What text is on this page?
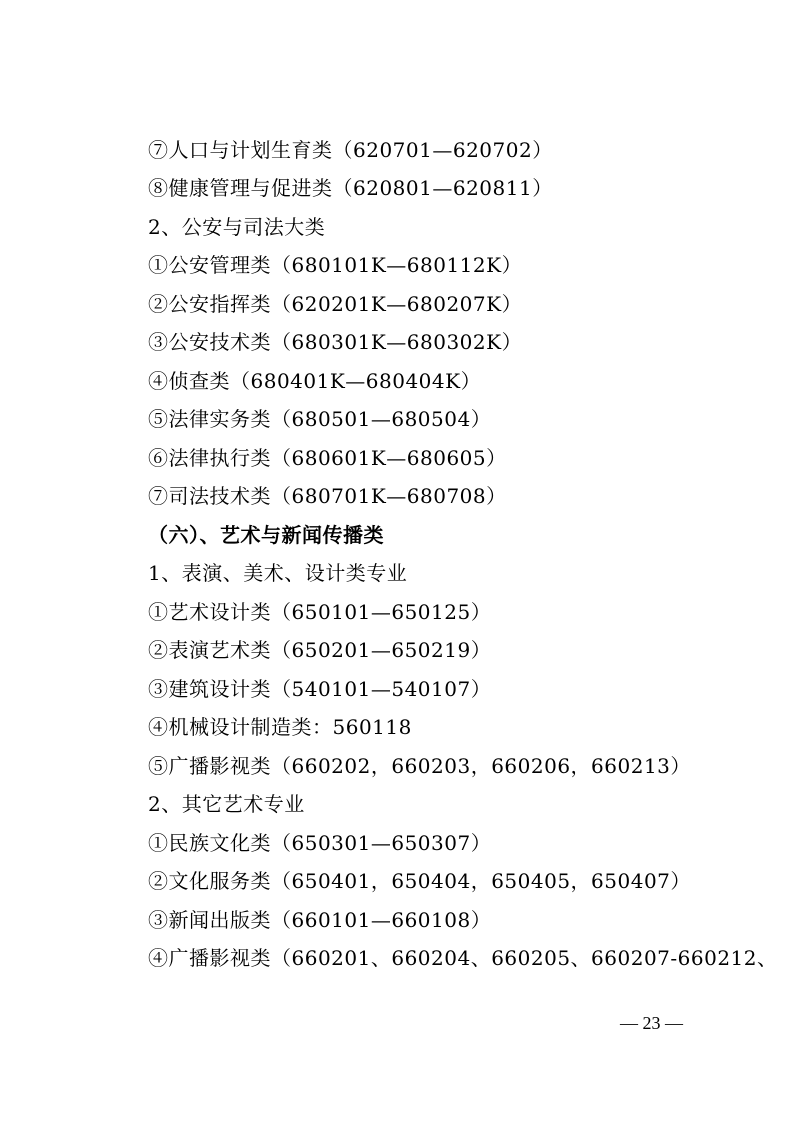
⑦人口与计划生育类（620701—620702）
⑧健康管理与促进类（620801—620811）
2、公安与司法大类
①公安管理类（680101K—680112K）
②公安指挥类（620201K—680207K）
③公安技术类（680301K—680302K）
④侦查类（680401K—680404K）
⑤法律实务类（680501—680504）
⑥法律执行类（680601K—680605）
⑦司法技术类（680701K—680708）
（六）、艺术与新闻传播类
1、表演、美术、设计类专业
①艺术设计类（650101—650125）
②表演艺术类（650201—650219）
③建筑设计类（540101—540107）
④机械设计制造类：560118
⑤广播影视类（660202，660203，660206，660213）
2、其它艺术专业
①民族文化类（650301—650307）
②文化服务类（650401，650404，650405，650407）
③新闻出版类（660101—660108）
④广播影视类（660201、660204、660205、660207-660212、
— 23 —
